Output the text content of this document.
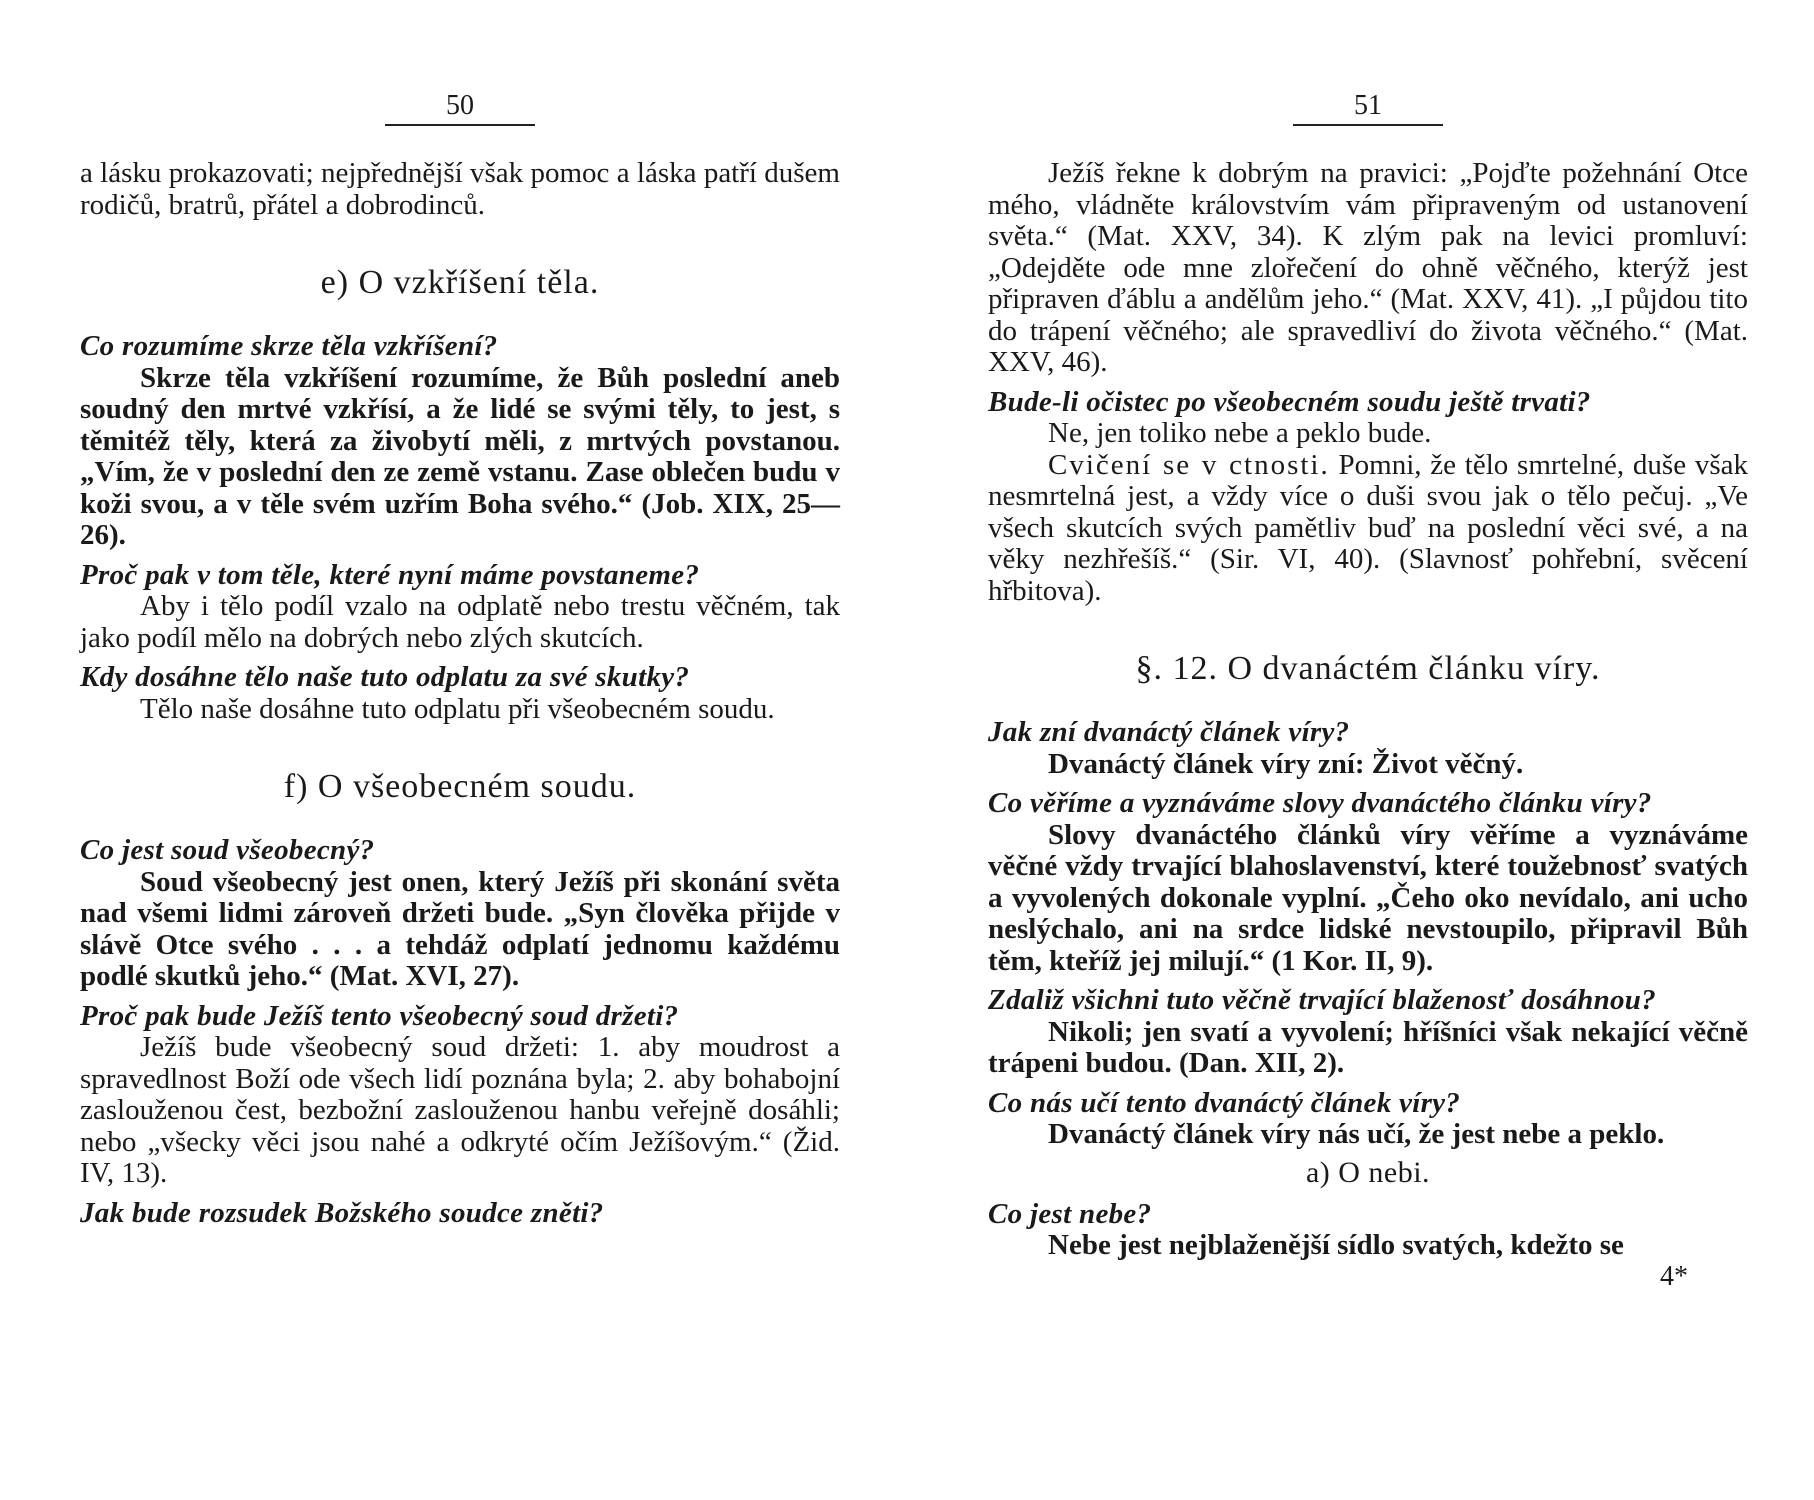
50

a lásku prokazovati; nejpřednější však pomoc a láska patří dušem rodičů, bratrů, přátel a dobrodinců.

e) O vzkříšení těla.

Co rozumíme skrze těla vzkříšení?

Skrze těla vzkříšení rozumíme, že Bůh poslední aneb soudný den mrtvé vzkřísí, a že lidé se svými těly, to jest, s těmitéž těly, která za živobytí měli, z mrtvých povstanou. „Vím, že v poslední den ze země vstanu. Zase oblečen budu v koži svou, a v těle svém uzřím Boha svého.“ (Job. XIX, 25—26).

Proč pak v tom těle, které nyní máme povstaneme?

Aby i tělo podíl vzalo na odplatě nebo trestu věčném, tak jako podíl mělo na dobrých nebo zlých skutcích.

Kdy dosáhne tělo naše tuto odplatu za své skutky?

Tělo naše dosáhne tuto odplatu při všeobecném soudu.

f) O všeobecném soudu.

Co jest soud všeobecný?

Soud všeobecný jest onen, který Ježíš při skonání světa nad všemi lidmi zároveň držeti bude. „Syn člověka přijde v slávě Otce svého . . . a tehdáž odplatí jednomu každému podlé skutků jeho.“ (Mat. XVI, 27).

Proč pak bude Ježíš tento všeobecný soud držeti?

Ježíš bude všeobecný soud držeti: 1. aby moudrost a spravedlnost Boží ode všech lidí poznána byla; 2. aby bohabojní zaslouženou čest, bezbožní zaslouženou hanbu veřejně dosáhli; nebo „všecky věci jsou nahé a odkryté očím Ježíšovým.“ (Žid. IV, 13).

Jak bude rozsudek Božského soudce zněti?

51

Ježíš řekne k dobrým na pravici: „Pojďte požehnání Otce mého, vládněte královstvím vám připraveným od ustanovení světa.“ (Mat. XXV, 34). K zlým pak na levici promluví: „Odejděte ode mne zlořečení do ohně věčného, kterýž jest připraven ďáblu a andělům jeho.“ (Mat. XXV, 41). „I půjdou tito do trápení věčného; ale spravedliví do života věčného.“ (Mat. XXV, 46).

Bude-li očistec po všeobecném soudu ještě trvati?

Ne, jen toliko nebe a peklo bude.

Cvičení se v ctnosti. Pomni, že tělo smrtelné, duše však nesmrtelná jest, a vždy více o duši svou jak o tělo pečuj. „Ve všech skutcích svých pamětliv buď na poslední věci své, a na věky nezhřešíš.“ (Sir. VI, 40). (Slavnosť pohřební, svěcení hřbitova).

§. 12. O dvanáctém článku víry.

Jak zní dvanáctý článek víry?

Dvanáctý článek víry zní: Život věčný.

Co věříme a vyznáváme slovy dvanáctého článku víry?

Slovy dvanáctého článků víry věříme a vyznáváme věčné vždy trvající blahoslavenství, které toužebnosť svatých a vyvolených dokonale vyplní. „Čeho oko nevídalo, ani ucho neslýchalo, ani na srdce lidské nevstoupilo, připravil Bůh těm, kteříž jej milují.“ (1 Kor. II, 9).

Zdaliž všichni tuto věčně trvající blaženosť dosáhnou?

Nikoli; jen svatí a vyvolení; hříšníci však nekající věčně trápeni budou. (Dan. XII, 2).

Co nás učí tento dvanáctý článek víry?

Dvanáctý článek víry nás učí, že jest nebe a peklo.

a) O nebi.

Co jest nebe?

Nebe jest nejblaženější sídlo svatých, kdežto se

4*
